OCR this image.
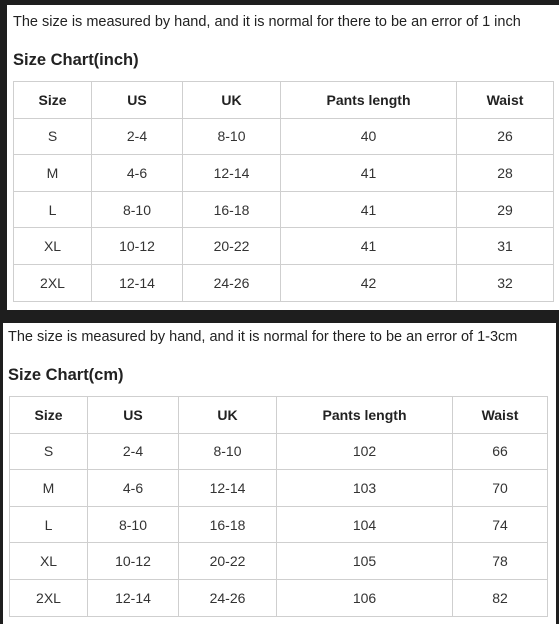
The size is measured by hand, and it is normal for there to be an error of 1 inch
Size Chart(inch)
Size	US	UK	Pants length	Waist
S	2-4	8-10	40	26
M	4-6	12-14	41	28
L	8-10	16-18	41	29
XL	10-12	20-22	41	31
2XL	12-14	24-26	42	32
The size is measured by hand, and it is normal for there to be an error of 1-3cm
Size Chart(cm)
Size	US	UK	Pants length	Waist
S	2-4	8-10	102	66
M	4-6	12-14	103	70
L	8-10	16-18	104	74
XL	10-12	20-22	105	78
2XL	12-14	24-26	106	82
